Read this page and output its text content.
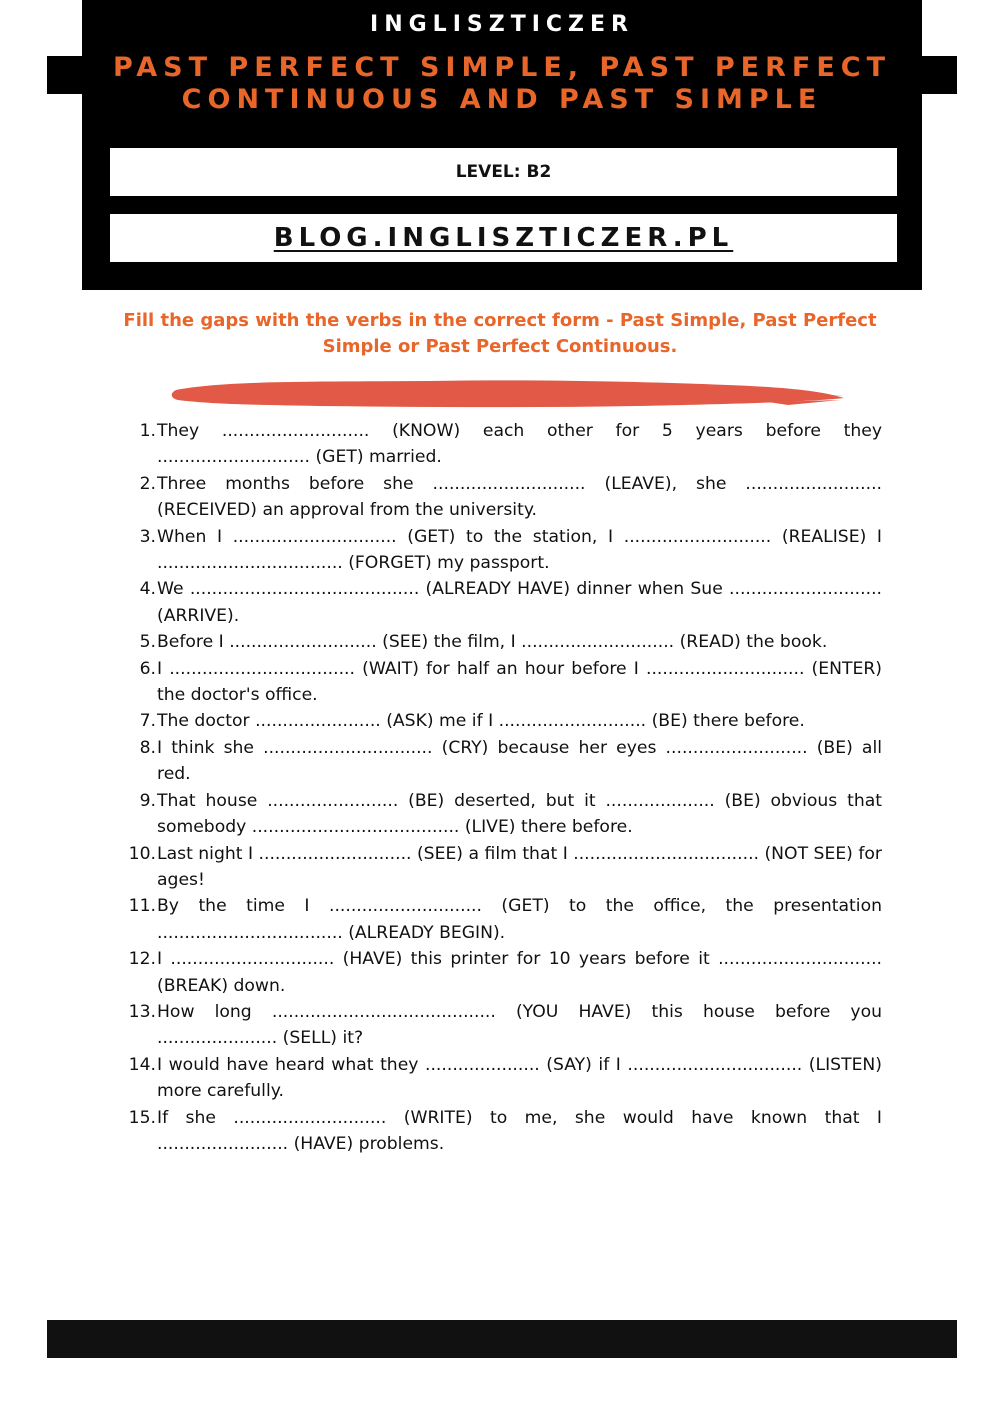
INGLISZTICZER
PAST PERFECT SIMPLE, PAST PERFECT
CONTINUOUS AND PAST SIMPLE
LEVEL: B2
BLOG.INGLISZTICZER.PL
Fill the gaps with the verbs in the correct form - Past Simple, Past Perfect Simple or Past Perfect Continuous.
1. They ........................... (KNOW) each other for 5 years before they ............................ (GET) married.
2. Three months before she ............................ (LEAVE), she ......................... (RECEIVED) an approval from the university.
3. When I .............................. (GET) to the station, I ........................... (REALISE) I .................................. (FORGET) my passport.
4. We .......................................... (ALREADY HAVE) dinner when Sue ............................ (ARRIVE).
5. Before I ........................... (SEE) the film, I ............................ (READ) the book.
6. I .................................. (WAIT) for half an hour before I ............................. (ENTER) the doctor's office.
7. The doctor ....................... (ASK) me if I ........................... (BE) there before.
8. I think she ............................... (CRY) because her eyes .......................... (BE) all red.
9. That house ........................ (BE) deserted, but it .................... (BE) obvious that somebody ...................................... (LIVE) there before.
10. Last night I ............................ (SEE) a film that I .................................. (NOT SEE) for ages!
11. By the time I ............................ (GET) to the office, the presentation .................................. (ALREADY BEGIN).
12. I .............................. (HAVE) this printer for 10 years before it .............................. (BREAK) down.
13. How long ......................................... (YOU HAVE) this house before you ...................... (SELL) it?
14. I would have heard what they ..................... (SAY) if I ................................ (LISTEN) more carefully.
15. If she ............................ (WRITE) to me, she would have known that I ........................ (HAVE) problems.
